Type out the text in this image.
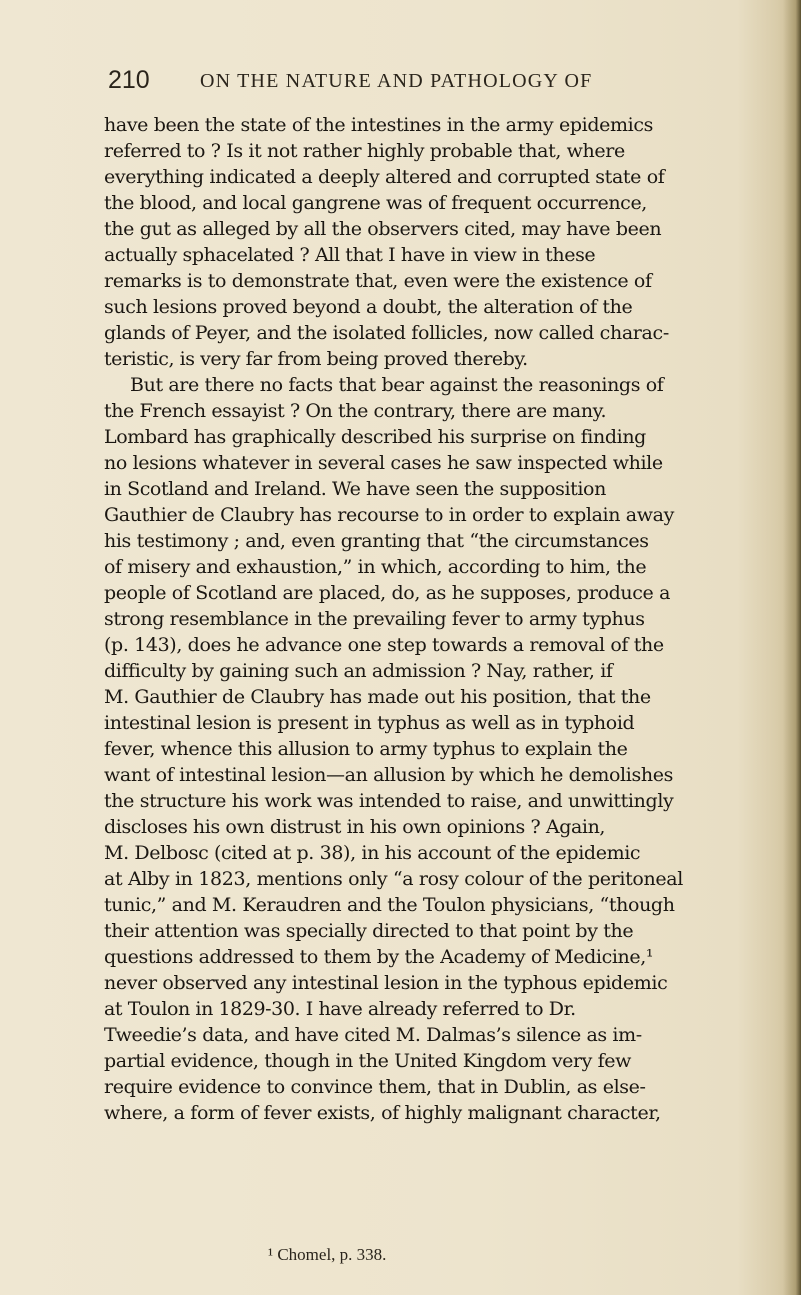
210	ON THE NATURE AND PATHOLOGY OF
have been the state of the intestines in the army epidemics
referred to ? Is it not rather highly probable that, where
everything indicated a deeply altered and corrupted state of
the blood, and local gangrene was of frequent occurrence,
the gut as alleged by all the observers cited, may have been
actually sphacelated ? All that I have in view in these
remarks is to demonstrate that, even were the existence of
such lesions proved beyond a doubt, the alteration of the
glands of Peyer, and the isolated follicles, now called charac-
teristic, is very far from being proved thereby.
But are there no facts that bear against the reasonings of
the French essayist ? On the contrary, there are many.
Lombard has graphically described his surprise on finding
no lesions whatever in several cases he saw inspected while
in Scotland and Ireland. We have seen the supposition
Gauthier de Claubry has recourse to in order to explain away
his testimony ; and, even granting that “the circumstances
of misery and exhaustion,” in which, according to him, the
people of Scotland are placed, do, as he supposes, produce a
strong resemblance in the prevailing fever to army typhus
(p. 143), does he advance one step towards a removal of the
difficulty by gaining such an admission ? Nay, rather, if
M. Gauthier de Claubry has made out his position, that the
intestinal lesion is present in typhus as well as in typhoid
fever, whence this allusion to army typhus to explain the
want of intestinal lesion—an allusion by which he demolishes
the structure his work was intended to raise, and unwittingly
discloses his own distrust in his own opinions ? Again,
M. Delbosc (cited at p. 38), in his account of the epidemic
at Alby in 1823, mentions only “a rosy colour of the peritoneal
tunic,” and M. Keraudren and the Toulon physicians, “though
their attention was specially directed to that point by the
questions addressed to them by the Academy of Medicine,¹
never observed any intestinal lesion in the typhous epidemic
at Toulon in 1829-30. I have already referred to Dr.
Tweedie’s data, and have cited M. Dalmas’s silence as im-
partial evidence, though in the United Kingdom very few
require evidence to convince them, that in Dublin, as else-
where, a form of fever exists, of highly malignant character,
¹ Chomel, p. 338.
